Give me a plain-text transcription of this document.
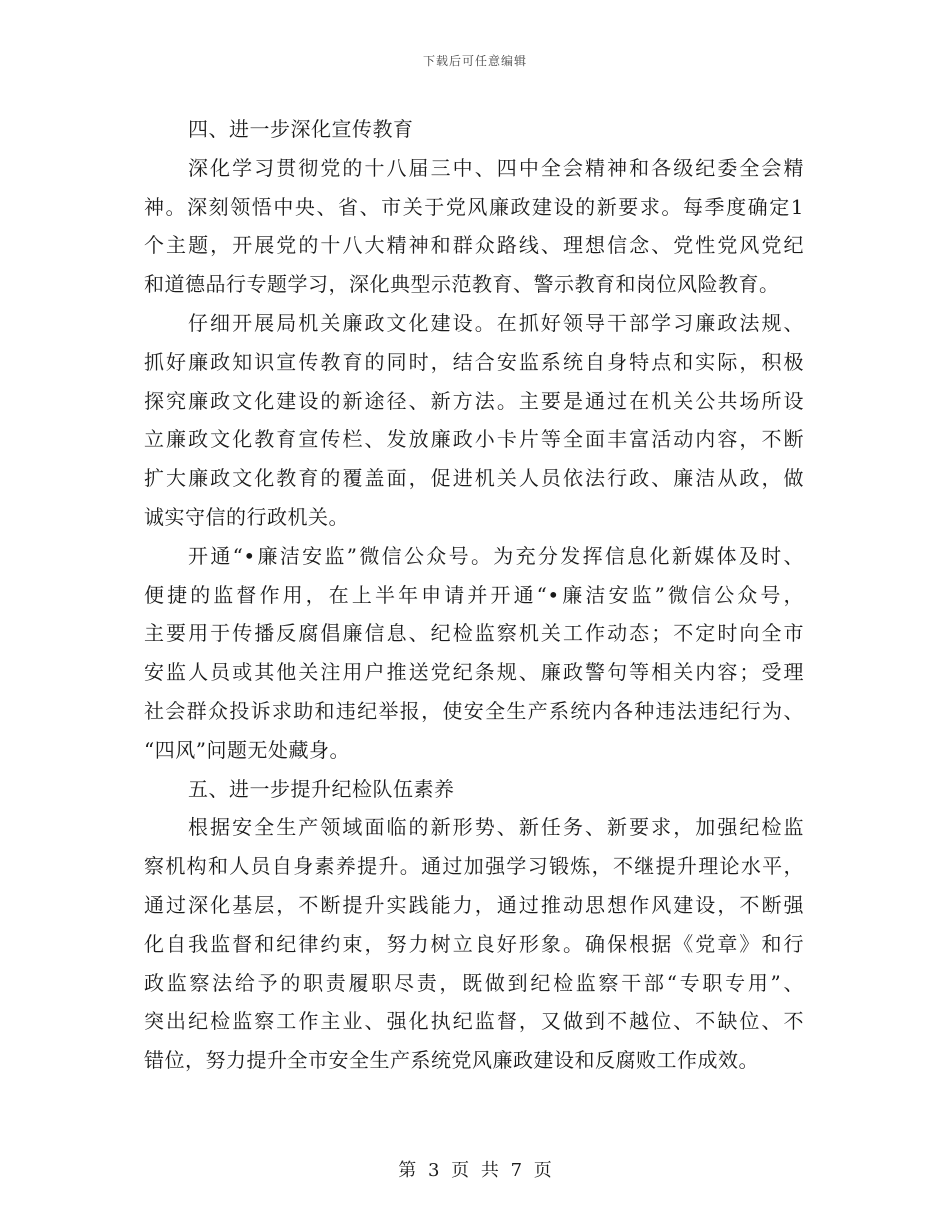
下载后可任意编辑
四、进一步深化宣传教育
深化学习贯彻党的十八届三中、四中全会精神和各级纪委全会精
神。深刻领悟中央、省、市关于党风廉政建设的新要求。每季度确定1
个主题，开展党的十八大精神和群众路线、理想信念、党性党风党纪
和道德品行专题学习，深化典型示范教育、警示教育和岗位风险教育。
仔细开展局机关廉政文化建设。在抓好领导干部学习廉政法规、
抓好廉政知识宣传教育的同时，结合安监系统自身特点和实际，积极
探究廉政文化建设的新途径、新方法。主要是通过在机关公共场所设
立廉政文化教育宣传栏、发放廉政小卡片等全面丰富活动内容，不断
扩大廉政文化教育的覆盖面，促进机关人员依法行政、廉洁从政，做
诚实守信的行政机关。
开通“•廉洁安监”微信公众号。为充分发挥信息化新媒体及时、
便捷的监督作用，在上半年申请并开通“•廉洁安监”微信公众号，
主要用于传播反腐倡廉信息、纪检监察机关工作动态；不定时向全市
安监人员或其他关注用户推送党纪条规、廉政警句等相关内容；受理
社会群众投诉求助和违纪举报，使安全生产系统内各种违法违纪行为、
“四风”问题无处藏身。
五、进一步提升纪检队伍素养
根据安全生产领域面临的新形势、新任务、新要求，加强纪检监
察机构和人员自身素养提升。通过加强学习锻炼，不继提升理论水平，
通过深化基层，不断提升实践能力，通过推动思想作风建设，不断强
化自我监督和纪律约束，努力树立良好形象。确保根据《党章》和行
政监察法给予的职责履职尽责，既做到纪检监察干部“专职专用”、
突出纪检监察工作主业、强化执纪监督，又做到不越位、不缺位、不
错位，努力提升全市安全生产系统党风廉政建设和反腐败工作成效。
第 3 页 共 7 页
